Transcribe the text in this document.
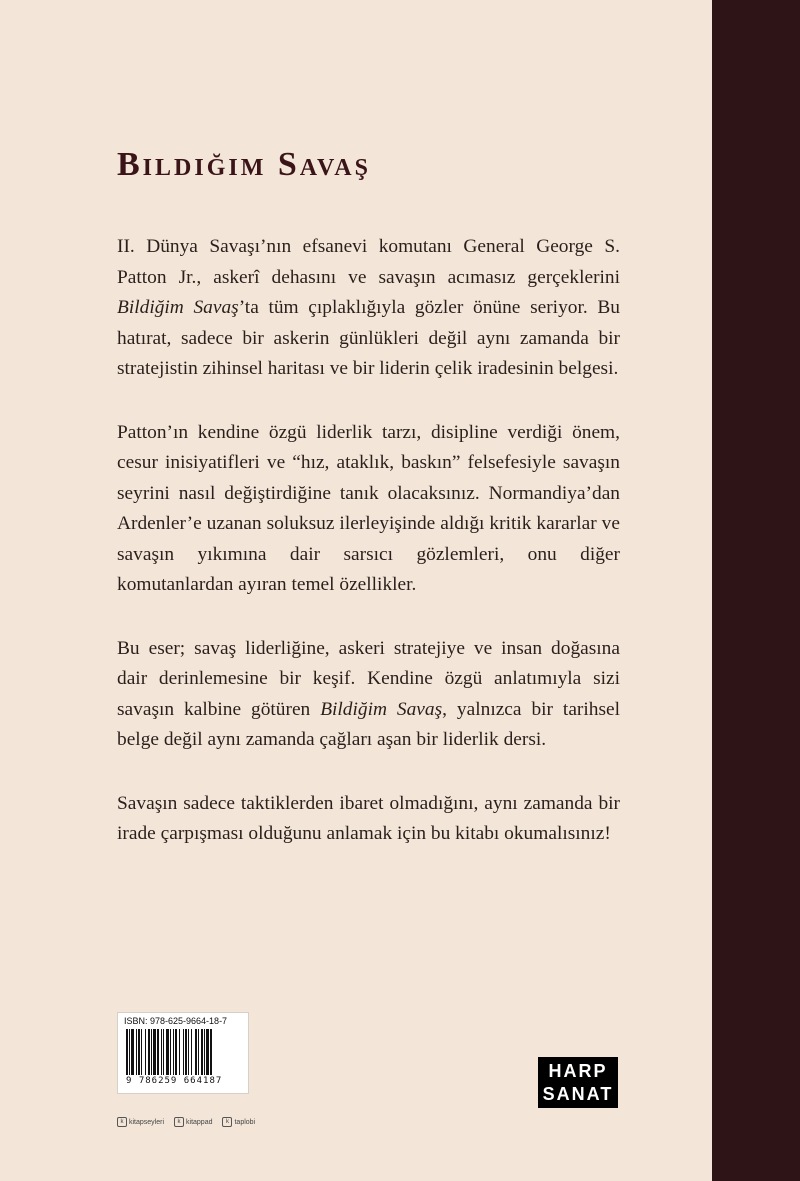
Bildiğim Savaş

II. Dünya Savaşı’nın efsanevi komutanı General George S. Patton Jr., askerî dehasını ve savaşın acımasız gerçeklerini Bildiğim Savaş’ta tüm çıplaklığıyla gözler önüne seriyor. Bu hatırat, sadece bir askerin günlükleri değil aynı zamanda bir stratejistin zihinsel haritası ve bir liderin çelik iradesinin belgesi.

Patton’ın kendine özgü liderlik tarzı, disipline verdiği önem, cesur inisiyatifleri ve “hız, ataklık, baskın” felsefesiyle savaşın seyrini nasıl değiştirdiğine tanık olacaksınız. Normandiya’dan Ardenler’e uzanan soluksuz ilerleyişinde aldığı kritik kararlar ve savaşın yıkımına dair sarsıcı gözlemleri, onu diğer komutanlardan ayıran temel özellikler.

Bu eser; savaş liderliğine, askeri stratejiye ve insan doğasına dair derinlemesine bir keşif. Kendine özgü anlatımıyla sizi savaşın kalbine götüren Bildiğim Savaş, yalnızca bir tarihsel belge değil aynı zamanda çağları aşan bir liderlik dersi.

Savaşın sadece taktiklerden ibaret olmadığını, aynı zamanda bir irade çarpışması olduğunu anlamak için bu kitabı okumalısınız!

ISBN: 978-625-9664-18-7
9 786259 664187
k kitapseyleri	k kitappad	k taplobi
HARP
SANAT
